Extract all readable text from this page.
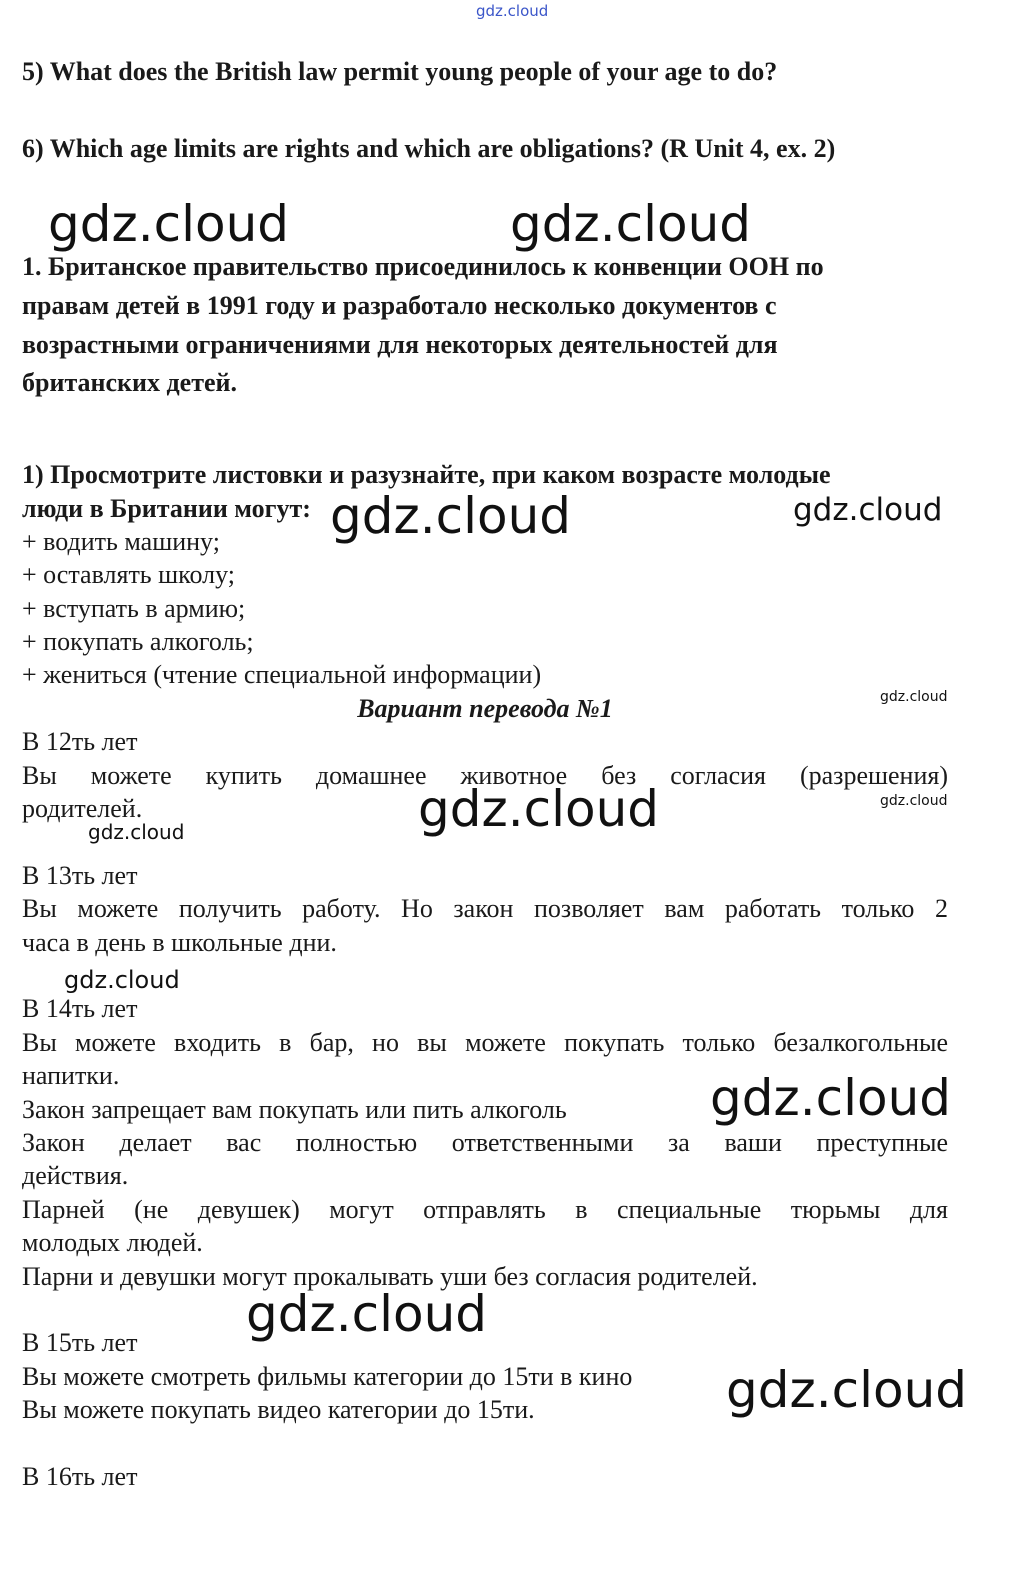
gdz.cloud
gdz.cloud	gdz.cloud
gdz.cloud	gdz.cloud
gdz.cloud
gdz.cloud	gdz.cloud
gdz.cloud
gdz.cloud
gdz.cloud
gdz.cloud
gdz.cloud
5) What does the British law permit young people of your age to do?
6) Which age limits are rights and which are obligations? (R Unit 4, ex. 2)
1. Британское правительство присоединилось к конвенции ООН по
правам детей в 1991 году и разработало несколько документов с
возрастными ограничениями для некоторых деятельностей для
британских детей.
1) Просмотрите листовки и разузнайте, при каком возрасте молодые
люди в Британии могут:
+ водить машину;
+ оставлять школу;
+ вступать в армию;
+ покупать алкоголь;
+ жениться (чтение специальной информации)
Вариант перевода №1
В 12ть лет
Вы можете купить домашнее животное без согласия (разрешения)
родителей.
В 13ть лет
Вы можете получить работу. Но закон позволяет вам работать только 2
часа в день в школьные дни.
В 14ть лет
Вы можете входить в бар, но вы можете покупать только безалкогольные
напитки.
Закон запрещает вам покупать или пить алкоголь
Закон делает вас полностью ответственными за ваши преступные
действия.
Парней (не девушек) могут отправлять в специальные тюрьмы для
молодых людей.
Парни и девушки могут прокалывать уши без согласия родителей.
В 15ть лет
Вы можете смотреть фильмы категории до 15ти в кино
Вы можете покупать видео категории до 15ти.
В 16ть лет
